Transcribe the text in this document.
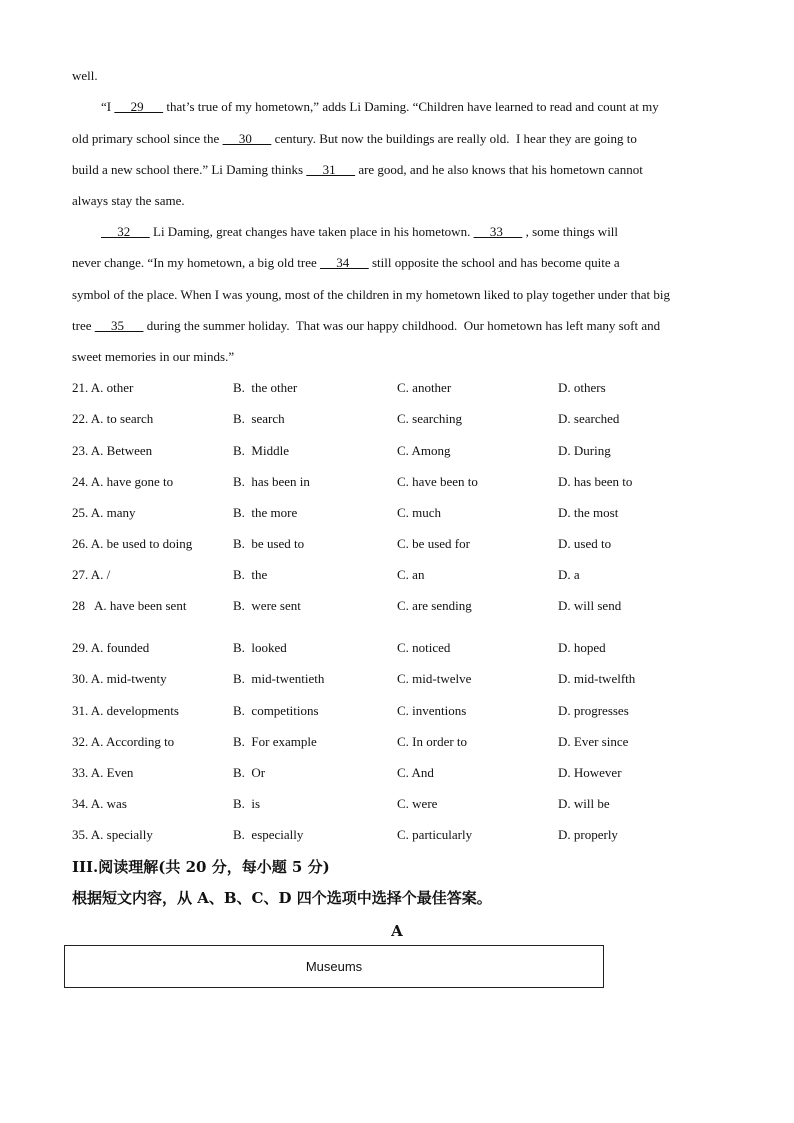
well.
“I      29       that’s true of my hometown,” adds Li Daming. “Children have learned to read and count at my
old primary school since the      30       century. But now the buildings are really old.  I hear they are going to
build a new school there.” Li Daming thinks      31       are good, and he also knows that his hometown cannot
always stay the same.
32       Li Daming, great changes have taken place in his hometown.      33       , some things will
never change. “In my hometown, a big old tree      34       still opposite the school and has become quite a
symbol of the place. When I was young, most of the children in my hometown liked to play together under that big
tree      35       during the summer holiday.  That was our happy childhood.  Our hometown has left many soft and
sweet memories in our minds.”
21. A. other	B.  the other	C. another	D. others
22. A. to search	B.  search	C. searching	D. searched
23. A. Between	B.  Middle	C. Among	D. During
24. A. have gone to	B.  has been in	C. have been to	D. has been to
25. A. many	B.  the more	C. much	D. the most
26. A. be used to doing	B.  be used to	C. be used for	D. used to
27. A. /	B.  the	C. an	D. a
28   A. have been sent	B.  were sent	C. are sending	D. will send
29. A. founded	B.  looked	C. noticed	D. hoped
30. A. mid-twenty	B.  mid-twentieth	C. mid-twelve	D. mid-twelfth
31. A. developments	B.  competitions	C. inventions	D. progresses
32. A. According to	B.  For example	C. In order to	D. Ever since
33. A. Even	B.  Or	C. And	D. However
34. A. was	B.  is	C. were	D. will be
35. A. specially	B.  especially	C. particularly	D. properly
III.阅读理解(共 20 分，每小题 5 分)
根据短文内容，从 A、B、C、D 四个选项中选择个最佳答案。
A
Museums
